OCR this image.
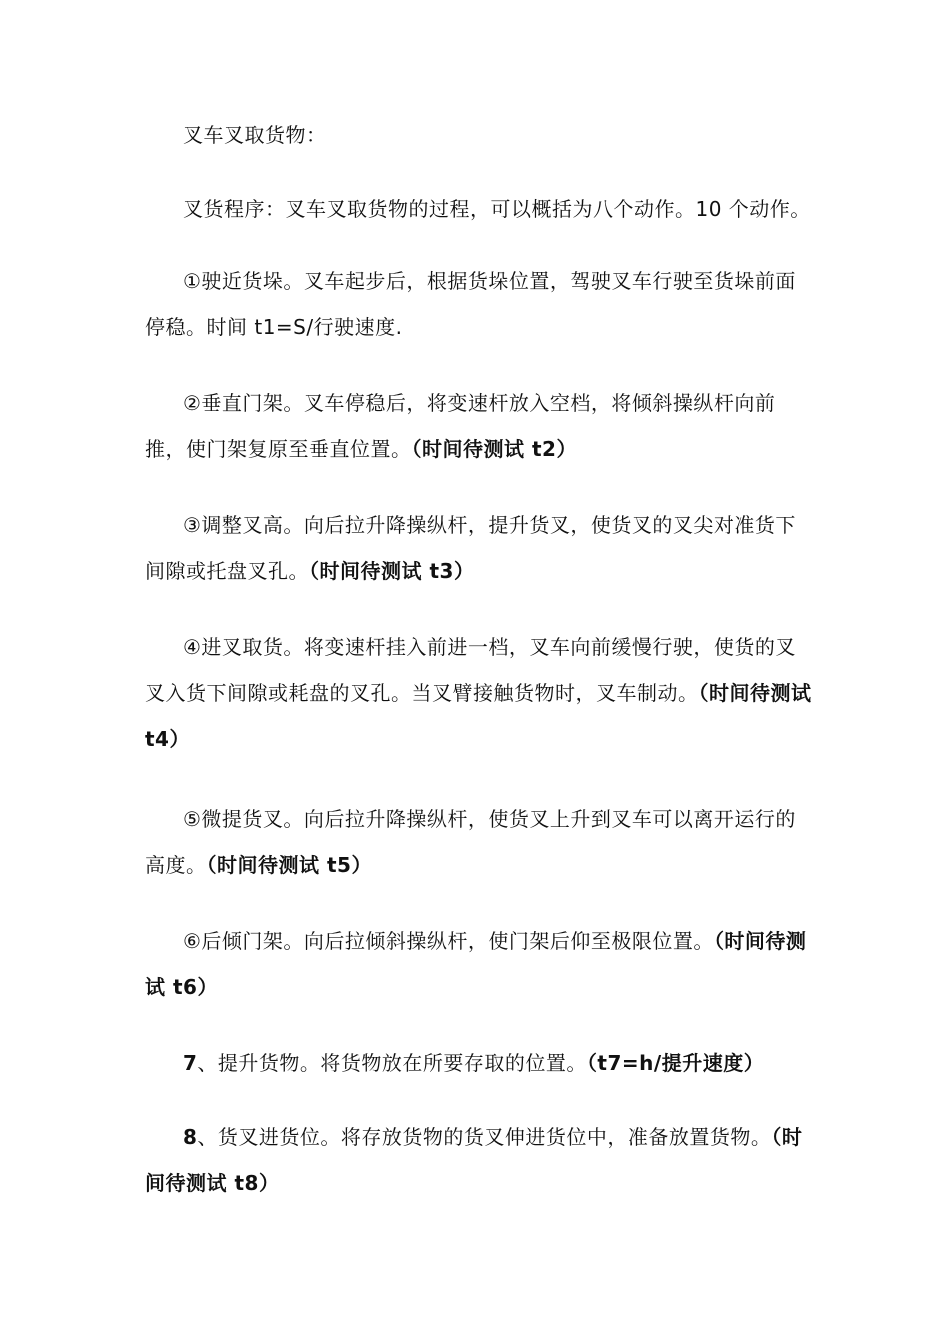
叉车叉取货物：

叉货程序：叉车叉取货物的过程，可以概括为八个动作。10 个动作。

①驶近货垛。叉车起步后，根据货垛位置，驾驶叉车行驶至货垛前面停稳。时间 t1=S/行驶速度.

②垂直门架。叉车停稳后，将变速杆放入空档，将倾斜操纵杆向前推，使门架复原至垂直位置。（时间待测试 t2）

③调整叉高。向后拉升降操纵杆，提升货叉，使货叉的叉尖对准货下间隙或托盘叉孔。（时间待测试 t3）

④进叉取货。将变速杆挂入前进一档，叉车向前缓慢行驶，使货的叉叉入货下间隙或耗盘的叉孔。当叉臂接触货物时，叉车制动。（时间待测试 t4）

⑤微提货叉。向后拉升降操纵杆，使货叉上升到叉车可以离开运行的高度。（时间待测试 t5）

⑥后倾门架。向后拉倾斜操纵杆，使门架后仰至极限位置。（时间待测试 t6）

7、提升货物。将货物放在所要存取的位置。（t7=h/提升速度）

8、货叉进货位。将存放货物的货叉伸进货位中，准备放置货物。（时间待测试 t8）
